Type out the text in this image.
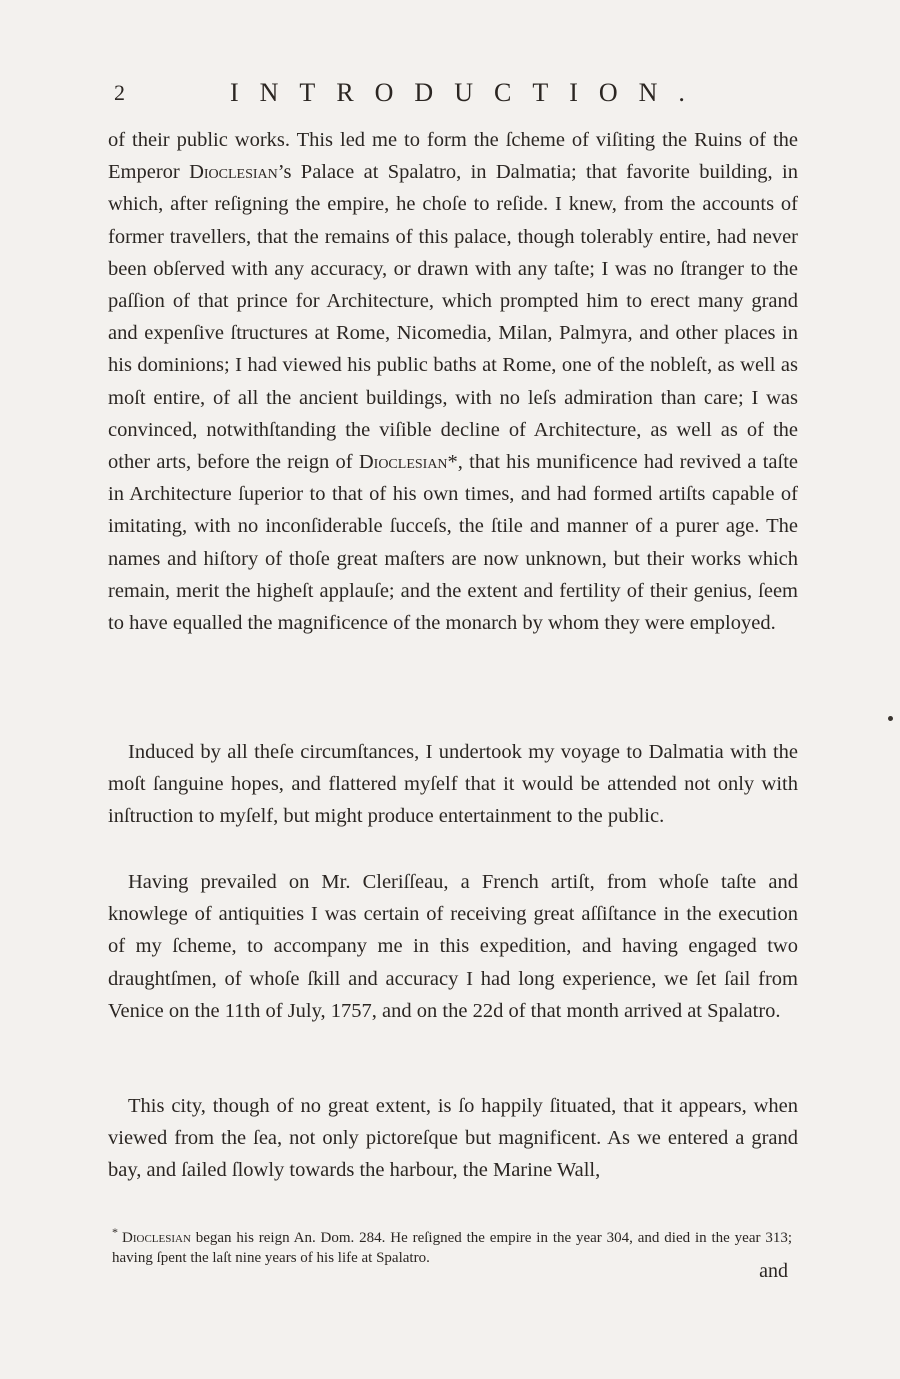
2	INTRODUCTION.

of their public works. This led me to form the ſcheme of viſiting the Ruins of the Emperor Dioclesian’s Palace at Spalatro, in Dalmatia; that favorite building, in which, after reſigning the empire, he choſe to reſide. I knew, from the accounts of former travellers, that the remains of this palace, though tolerably entire, had never been obſerved with any accuracy, or drawn with any taſte; I was no ſtranger to the paſſion of that prince for Architecture, which prompted him to erect many grand and expenſive ſtructures at Rome, Nicomedia, Milan, Palmyra, and other places in his dominions; I had viewed his public baths at Rome, one of the nobleſt, as well as moſt entire, of all the ancient buildings, with no leſs admiration than care; I was convinced, notwithſtanding the viſible decline of Architecture, as well as of the other arts, before the reign of Dioclesian*, that his munificence had revived a taſte in Architecture ſuperior to that of his own times, and had formed artiſts capable of imitating, with no inconſiderable ſucceſs, the ſtile and manner of a purer age. The names and hiſtory of thoſe great maſters are now unknown, but their works which remain, merit the higheſt applauſe; and the extent and fertility of their genius, ſeem to have equalled the magnificence of the monarch by whom they were employed.

Induced by all theſe circumſtances, I undertook my voyage to Dalmatia with the moſt ſanguine hopes, and flattered myſelf that it would be attended not only with inſtruction to myſelf, but might produce entertainment to the public.

Having prevailed on Mr. Cleriſſeau, a French artiſt, from whoſe taſte and knowlege of antiquities I was certain of receiving great aſſiſtance in the execution of my ſcheme, to accompany me in this expedition, and having engaged two draughtſmen, of whoſe ſkill and accuracy I had long experience, we ſet ſail from Venice on the 11th of July, 1757, and on the 22d of that month arrived at Spalatro.

This city, though of no great extent, is ſo happily ſituated, that it appears, when viewed from the ſea, not only pictoreſque but magnificent. As we entered a grand bay, and ſailed ſlowly towards the harbour, the Marine Wall,

* Dioclesian began his reign An. Dom. 284. He reſigned the empire in the year 304, and died in the year 313; having ſpent the laſt nine years of his life at Spalatro.
and
